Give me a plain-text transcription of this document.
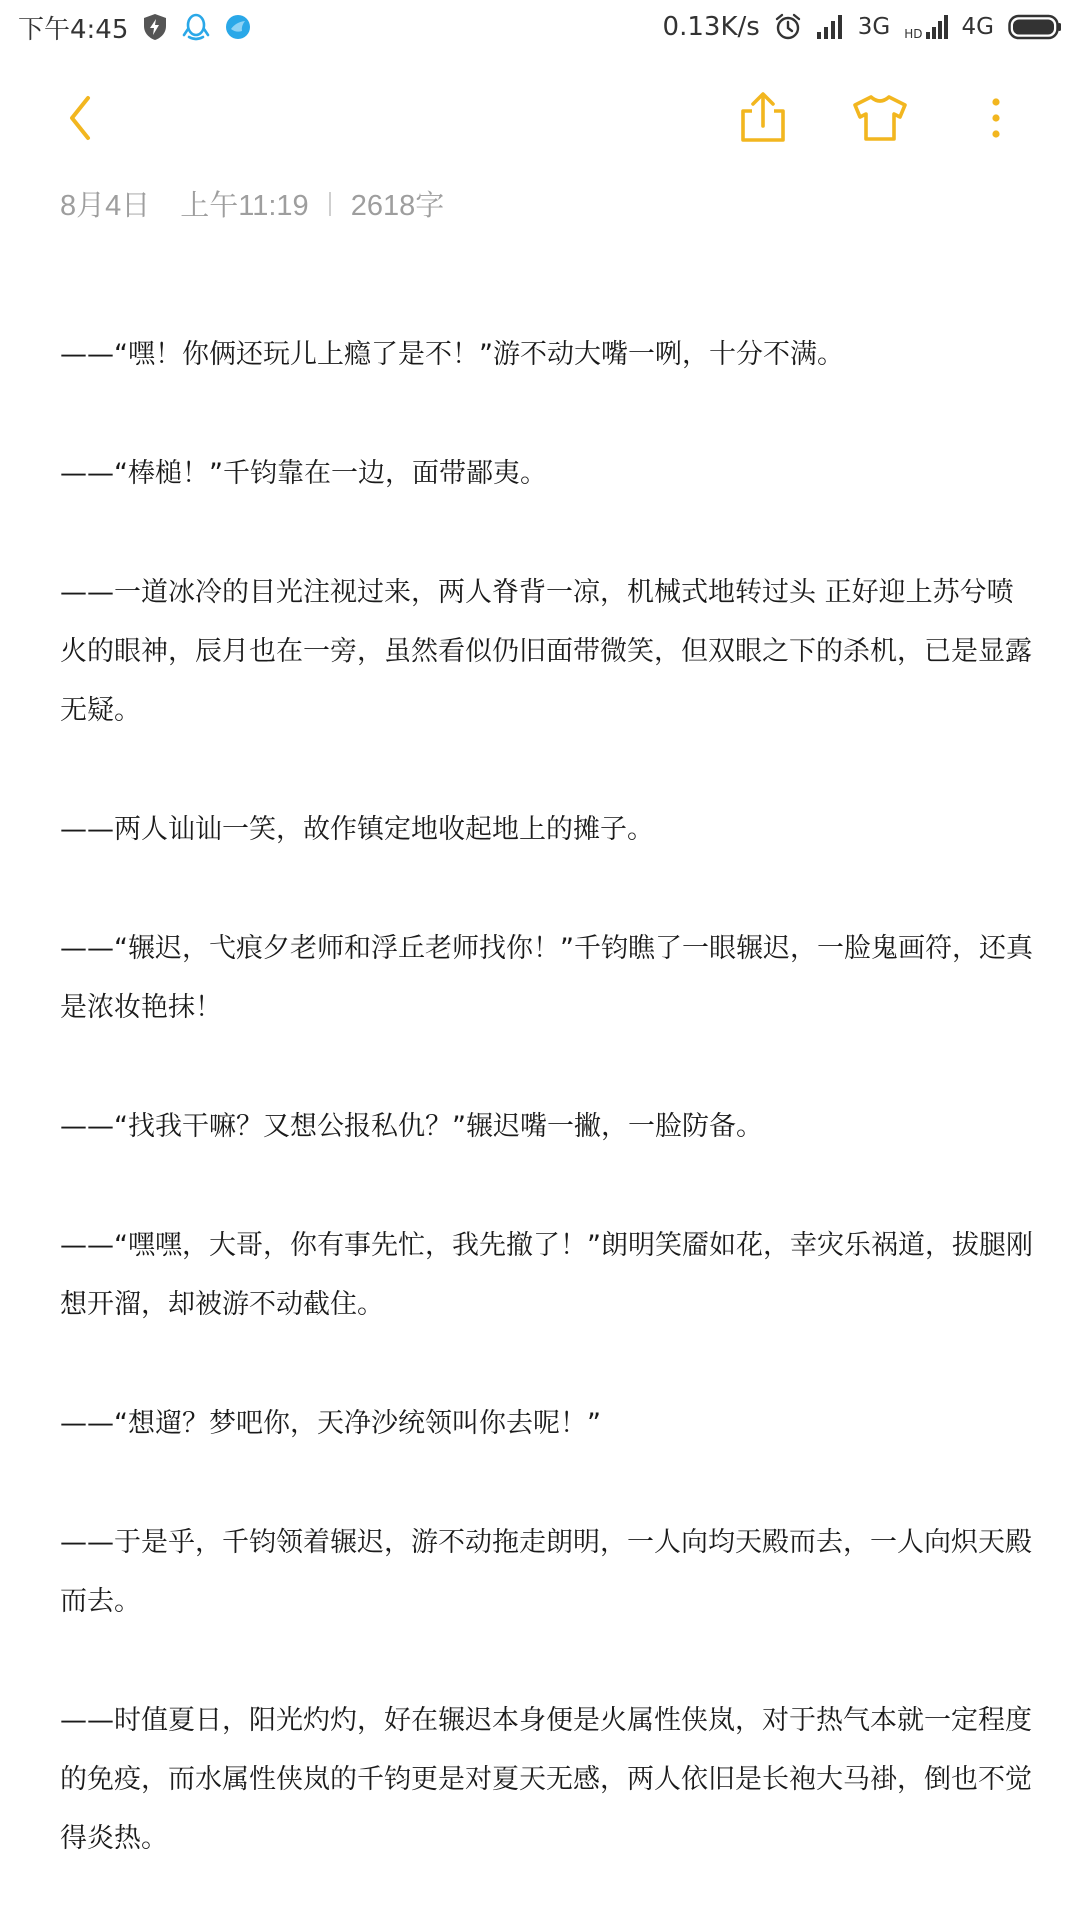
下午4:45	0.13K/s	3G HD 4G
8月4日 上午11:19 2618字

——“嘿！你俩还玩儿上瘾了是不！”游不动大嘴一咧，十分不满。

——“棒槌！”千钧靠在一边，面带鄙夷。

——一道冰冷的目光注视过来，两人脊背一凉，机械式地转过头 正好迎上苏兮喷火的眼神，辰月也在一旁，虽然看似仍旧面带微笑，但双眼之下的杀机，已是显露无疑。

——两人讪讪一笑，故作镇定地收起地上的摊子。

——“辗迟，弋痕夕老师和浮丘老师找你！”千钧瞧了一眼辗迟，一脸鬼画符，还真是浓妆艳抹！

——“找我干嘛？又想公报私仇？”辗迟嘴一撇，一脸防备。

——“嘿嘿，大哥，你有事先忙，我先撤了！”朗明笑靥如花，幸灾乐祸道，拔腿刚想开溜，却被游不动截住。

——“想遛？梦吧你，天净沙统领叫你去呢！”

——于是乎，千钧领着辗迟，游不动拖走朗明，一人向均天殿而去，一人向炽天殿而去。

——时值夏日，阳光灼灼，好在辗迟本身便是火属性侠岚，对于热气本就一定程度的免疫，而水属性侠岚的千钧更是对夏天无感，两人依旧是长袍大马褂，倒也不觉得炎热。
